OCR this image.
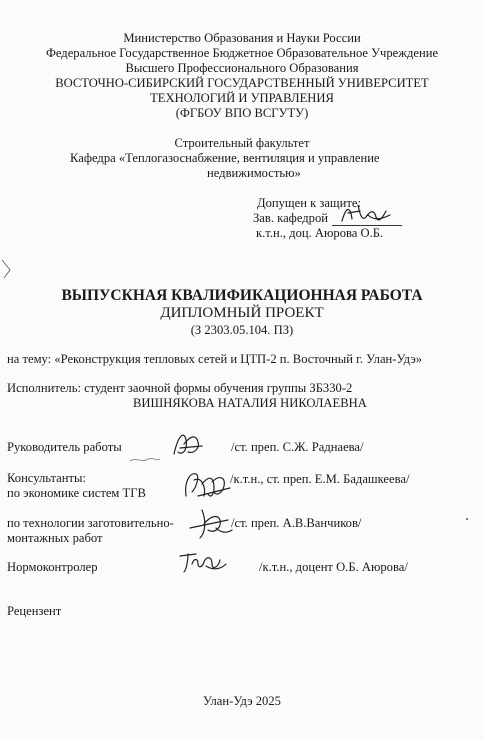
Министерство Образования и Науки России
Федеральное Государственное Бюджетное Образовательное Учреждение
Высшего Профессионального Образования
ВОСТОЧНО-СИБИРСКИЙ ГОСУДАРСТВЕННЫЙ УНИВЕРСИТЕТ
ТЕХНОЛОГИЙ И УПРАВЛЕНИЯ
(ФГБОУ ВПО ВСГУТУ)
Строительный факультет
Кафедра «Теплогазоснабжение, вентиляция и управление
недвижимостью»
Допущен к защите:
Зав. кафедрой
к.т.н., доц. Аюрова О.Б.
ВЫПУСКНАЯ КВАЛИФИКАЦИОННАЯ РАБОТА
ДИПЛОМНЫЙ ПРОЕКТ
(З 2303.05.104. ПЗ)
на тему: «Реконструкция тепловых сетей и ЦТП-2 п. Восточный г. Улан-Удэ»
Исполнитель: студент заочной формы обучения группы ЗБ330-2
ВИШНЯКОВА НАТАЛИЯ НИКОЛАЕВНА
Руководитель работы	/ст. преп. С.Ж. Раднаева/
Консультанты:
по экономике систем ТГВ
/к.т.н., ст. преп. Е.М. Бадашкеева/
по технологии заготовительно-
монтажных работ
/ст. преп. А.В.Ванчиков/
Нормоконтролер	/к.т.н., доцент О.Б. Аюрова/
Рецензент
Улан-Удэ 2025
